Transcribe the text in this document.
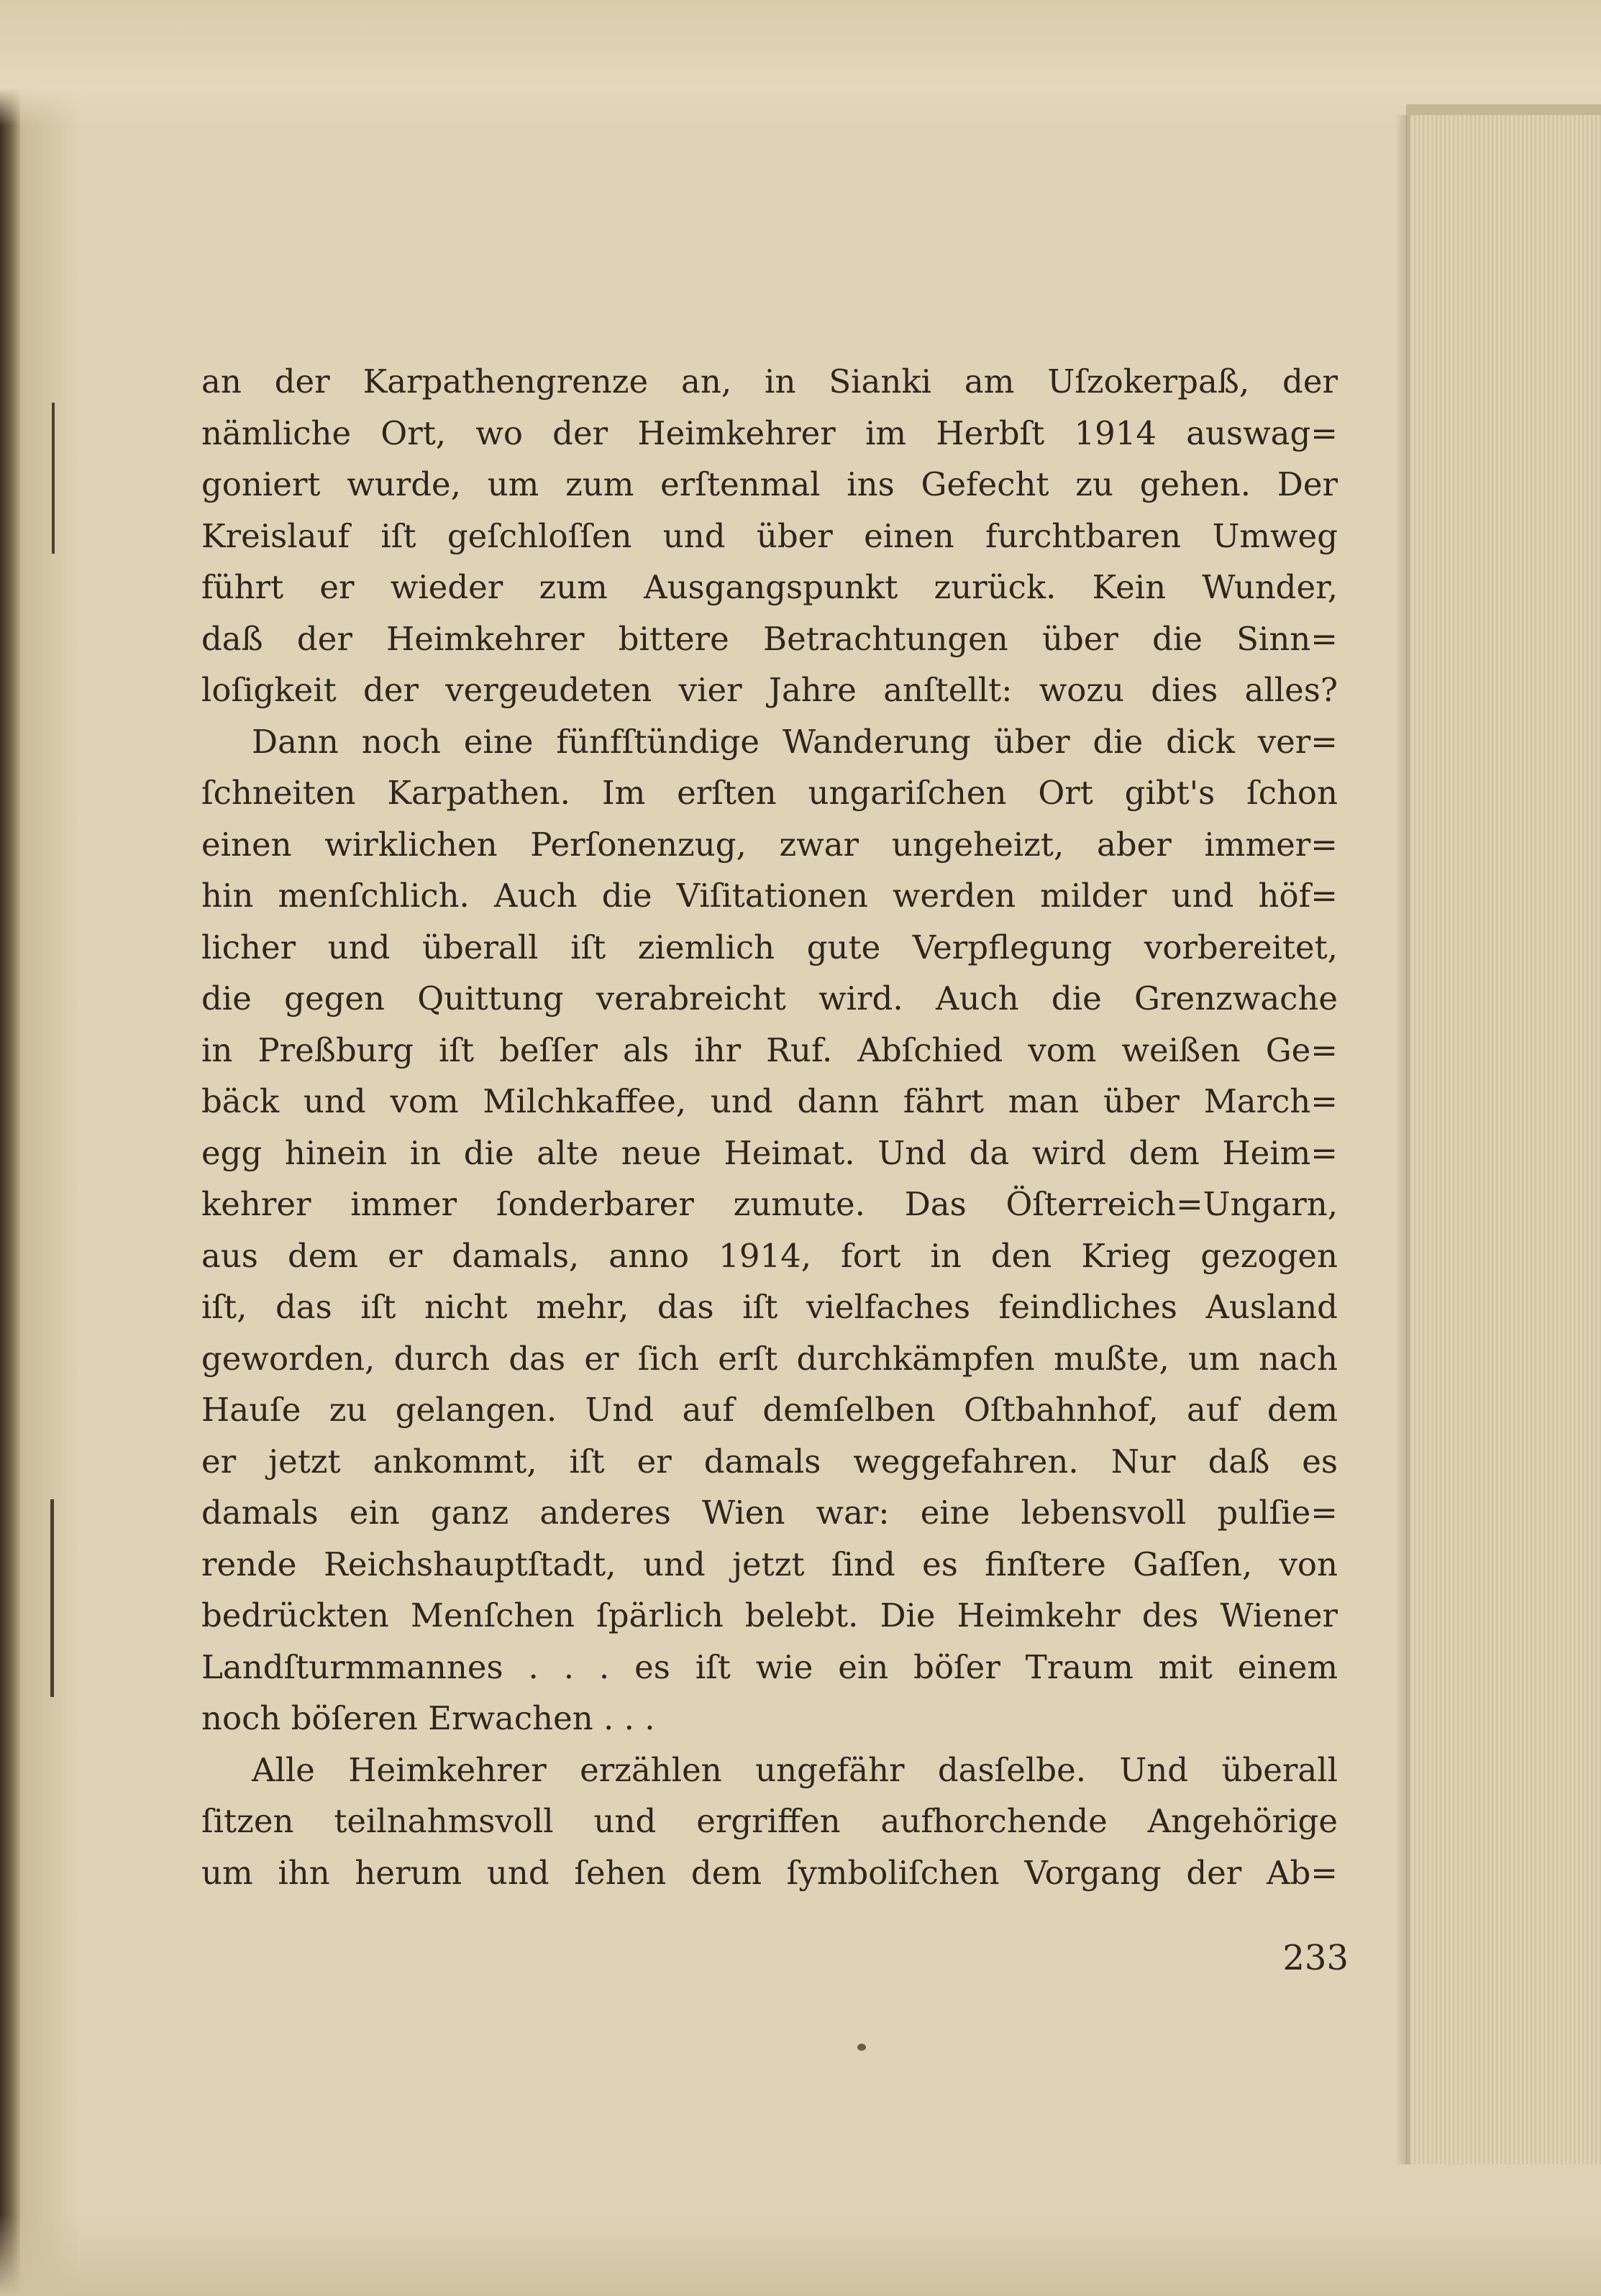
an der Karpathengrenze an, in Sianki am Uſzokerpaß, der
nämliche Ort, wo der Heimkehrer im Herbſt 1914 auswag=
goniert wurde, um zum erſtenmal ins Gefecht zu gehen. Der
Kreislauf iſt geſchloſſen und über einen furchtbaren Umweg
führt er wieder zum Ausgangspunkt zurück. Kein Wunder,
daß der Heimkehrer bittere Betrachtungen über die Sinn=
loſigkeit der vergeudeten vier Jahre anſtellt: wozu dies alles?
Dann noch eine fünfſtündige Wanderung über die dick ver=
ſchneiten Karpathen. Im erſten ungariſchen Ort gibt's ſchon
einen wirklichen Perſonenzug, zwar ungeheizt, aber immer=
hin menſchlich. Auch die Viſitationen werden milder und höf=
licher und überall iſt ziemlich gute Verpflegung vorbereitet,
die gegen Quittung verabreicht wird. Auch die Grenzwache
in Preßburg iſt beſſer als ihr Ruf. Abſchied vom weißen Ge=
bäck und vom Milchkaffee, und dann fährt man über March=
egg hinein in die alte neue Heimat. Und da wird dem Heim=
kehrer immer ſonderbarer zumute. Das Öſterreich=Ungarn,
aus dem er damals, anno 1914, fort in den Krieg gezogen
iſt, das iſt nicht mehr, das iſt vielfaches feindliches Ausland
geworden, durch das er ſich erſt durchkämpfen mußte, um nach
Hauſe zu gelangen. Und auf demſelben Oſtbahnhof, auf dem
er jetzt ankommt, iſt er damals weggefahren. Nur daß es
damals ein ganz anderes Wien war: eine lebensvoll pulſie=
rende Reichshauptſtadt, und jetzt ſind es finſtere Gaſſen, von
bedrückten Menſchen ſpärlich belebt. Die Heimkehr des Wiener
Landſturmmannes . . . es iſt wie ein böſer Traum mit einem
noch böſeren Erwachen . . .
Alle Heimkehrer erzählen ungefähr dasſelbe. Und überall
ſitzen teilnahmsvoll und ergriffen aufhorchende Angehörige
um ihn herum und ſehen dem ſymboliſchen Vorgang der Ab=
233
